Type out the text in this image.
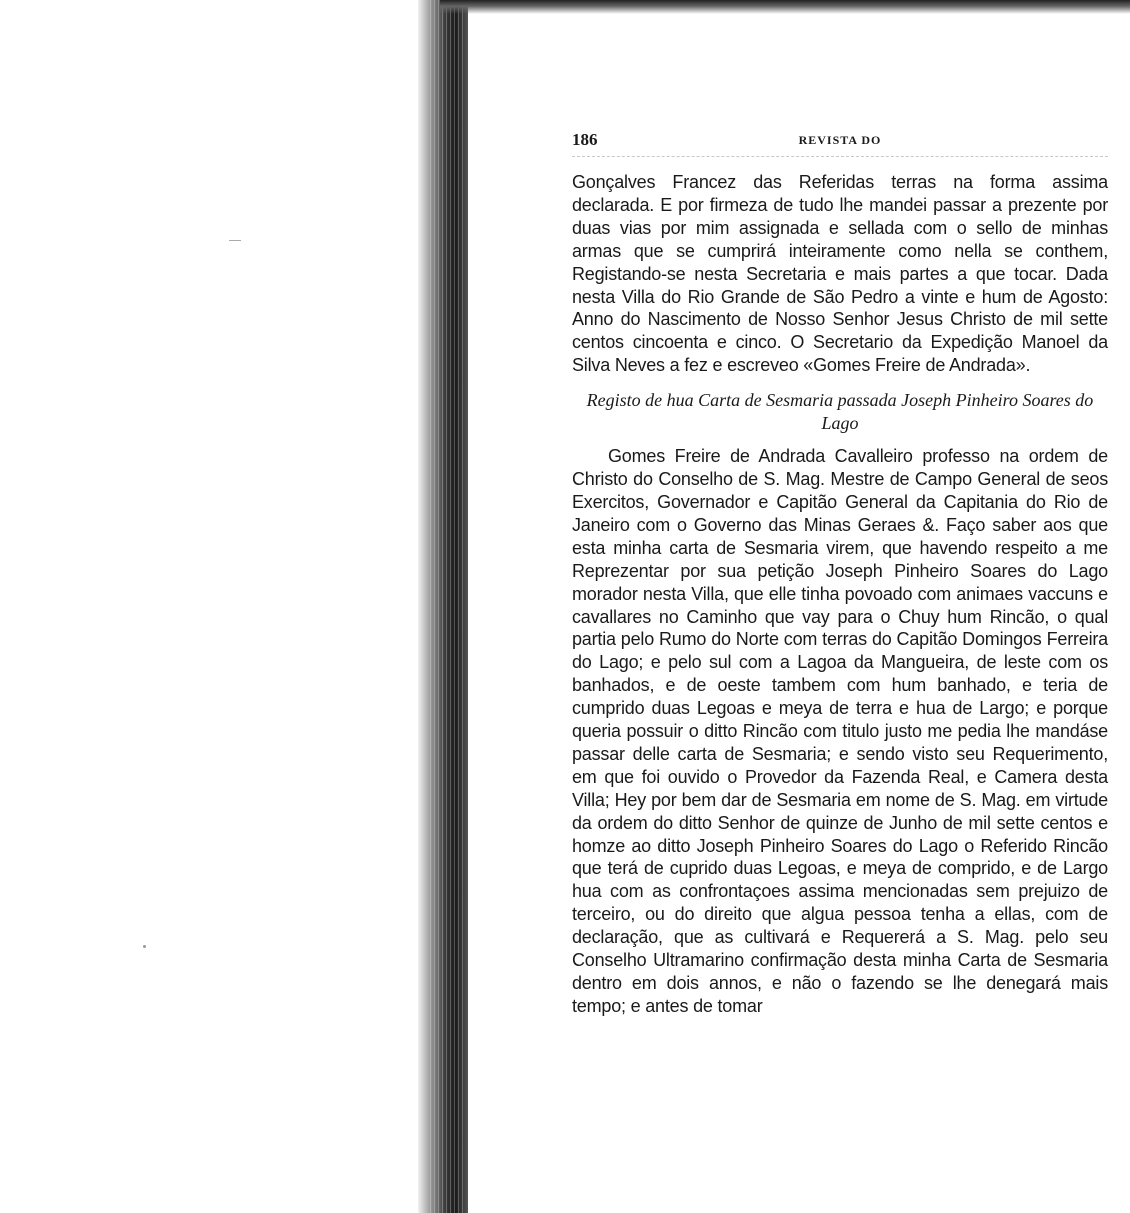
186	REVISTA DO

Gonçalves Francez das Referidas terras na forma assima declarada. E por firmeza de tudo lhe mandei passar a prezente por duas vias por mim assignada e sellada com o sello de minhas armas que se cumprirá inteiramente como nella se conthem, Registando-se nesta Secretaria e mais partes a que tocar. Dada nesta Villa do Rio Grande de São Pedro a vinte e hum de Agosto: Anno do Nascimento de Nosso Senhor Jesus Christo de mil sette centos cincoenta e cinco. O Secretario da Expedição Manoel da Silva Neves a fez e escreveo «Gomes Freire de Andrada».

Registo de hua Carta de Sesmaria passada Joseph Pinheiro Soares do Lago

Gomes Freire de Andrada Cavalleiro professo na ordem de Christo do Conselho de S. Mag. Mestre de Campo General de seos Exercitos, Governador e Capitão General da Capitania do Rio de Janeiro com o Governo das Minas Geraes &. Faço saber aos que esta minha carta de Sesmaria virem, que havendo respeito a me Reprezentar por sua petição Joseph Pinheiro Soares do Lago morador nesta Villa, que elle tinha povoado com animaes vaccuns e cavallares no Caminho que vay para o Chuy hum Rincão, o qual partia pelo Rumo do Norte com terras do Capitão Domingos Ferreira do Lago; e pelo sul com a Lagoa da Mangueira, de leste com os banhados, e de oeste tambem com hum banhado, e teria de cumprido duas Legoas e meya de terra e hua de Largo; e porque queria possuir o ditto Rincão com titulo justo me pedia lhe mandáse passar delle carta de Sesmaria; e sendo visto seu Requerimento, em que foi ouvido o Provedor da Fazenda Real, e Camera desta Villa; Hey por bem dar de Sesmaria em nome de S. Mag. em virtude da ordem do ditto Senhor de quinze de Junho de mil sette centos e homze ao ditto Joseph Pinheiro Soares do Lago o Referido Rincão que terá de cuprido duas Legoas, e meya de comprido, e de Largo hua com as confrontaçoes assima mencionadas sem prejuizo de terceiro, ou do direito que algua pessoa tenha a ellas, com de declaração, que as cultivará e Requererá a S. Mag. pelo seu Conselho Ultramarino confirmação desta minha Carta de Sesmaria dentro em dois annos, e não o fazendo se lhe denegará mais tempo; e antes de tomar
